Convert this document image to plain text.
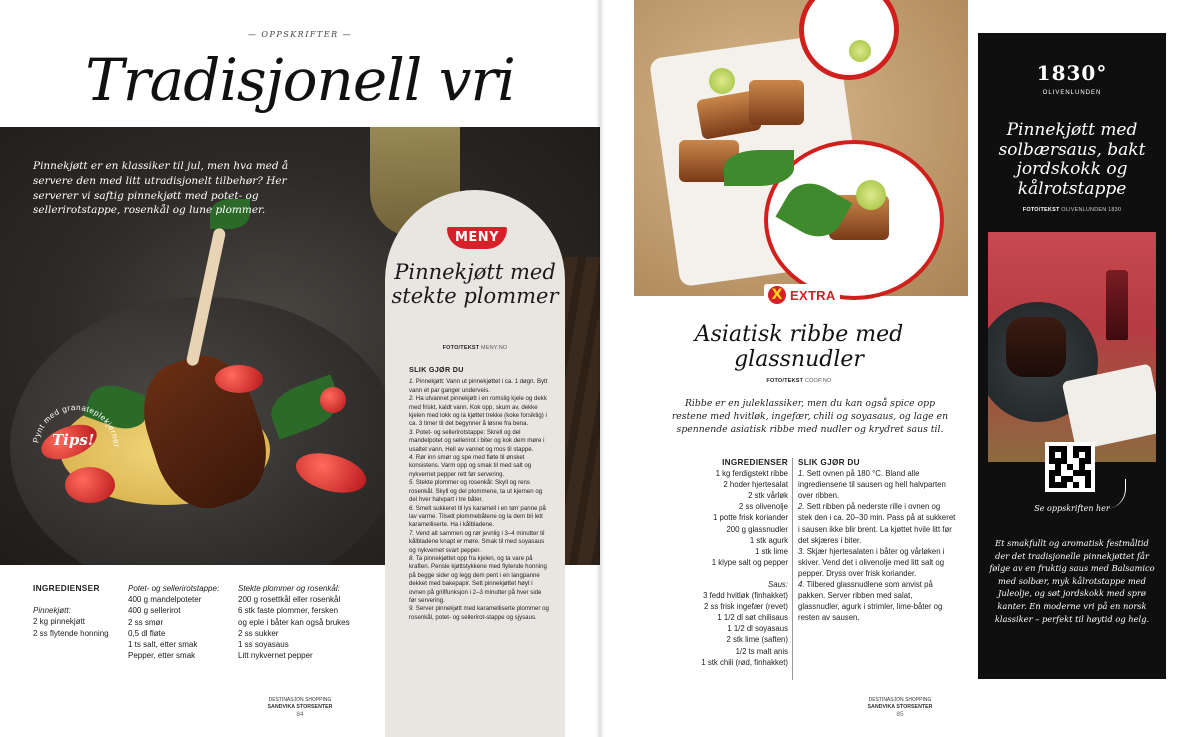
— OPPSKRIFTER —
Tradisjonell vri
Pinnekjøtt er en klassiker til jul, men hva med å servere den med litt utradisjonelt tilbehør? Her serverer vi saftig pinnekjøtt med potet- og sellerirotstappe, rosenkål og lune plommer.
Pynt med granateplekjerner
Tips!
INGREDIENSER
Pinnekjøtt:
2 kg pinnekjøtt
2 ss flytende honning
Potet- og sellerirotstappe:
400 g mandelpoteter
400 g sellerirot
2 ss smør
0,5 dl fløte
1 ts salt, etter smak
Pepper, etter smak
Stekte plommer og rosenkål:
200 g rosettkål eller rosenkål
6 stk faste plommer, fersken
og eple i båter kan også brukes
2 ss sukker
1 ss soyasaus
Litt nykvernet pepper
DESTINASJON SHOPPING
SANDVIKA STORSENTER
84
MENY
Pinnekjøtt med stekte plommer
FOTO/TEKST MENY.NO
SLIK GJØR DU
1. Pinnekjøtt: Vann ut pinnekjøttet i ca. 1 døgn. Bytt vann et par ganger underveis.
2. Ha utvannet pinnekjøtt i en romslig kjele og dekk med friskt, kaldt vann. Kok opp, skum av, dekke kjelen med lokk og la kjøttet trekke (koke forsiktig) i ca. 3 timer til det begynner å løsne fra bena.
3. Potet- og sellerirotstappe: Skrell og del mandelpotet og sellerirot i biter og kok dem møre i usaltet vann. Hell av vannet og mos til stappe.
4. Rør inn smør og spe med fløte til ønsket konsistens. Varm opp og smak til med salt og nykvernet pepper rett før servering.
5. Stekte plommer og rosenkål: Skyll og rens rosenkål. Skyll og del plommene, ta ut kjernen og del hver halvpart i tre båter.
6. Smelt sukkeret til lys karamell i en tørr panne på lav varme. Tilsett plommebåtene og la dem bli lett karamelliserte. Ha i kålbladene.
7. Vend alt sammen og rør jevnlig i 3–4 minutter til kålbladene knapt er møre. Smak til med soyasaus og nykvernet svart pepper.
8. Ta pinnekjøttet opp fra kjelen, og ta vare på kraften. Pensle kjøttstykkene med flytende honning på begge sider og legg dem pent i en langpanne dekket med bakepapir. Sett pinnekjøttet høyt i ovnen på grillfunksjon i 2–3 minutter på hver side før servering.
9. Server pinnekjøtt med karamelliserte plommer og rosenkål, potet- og sellerirot-stappe og sjysaus.
X EXTRA
Asiatisk ribbe med glassnudler
FOTO/TEKST COOP.NO
Ribbe er en juleklassiker, men du kan også spice opp restene med hvitløk, ingefær, chili og soyasaus, og lage en spennende asiatisk ribbe med nudler og krydret saus til.
INGREDIENSER
1 kg ferdigstekt ribbe
2 hoder hjertesalat
2 stk vårløk
2 ss olivenolje
1 potte frisk koriander
200 g glassnudler
1 stk agurk
1 stk lime
1 klype salt og pepper
Saus:
3 fedd hvitløk (finhakket)
2 ss frisk ingefær (revet)
1 1/2 dl søt chilisaus
1 1/2 dl soyasaus
2 stk lime (saften)
1/2 ts malt anis
1 stk chili (rød, finhakket)
SLIK GJØR DU
1. Sett ovnen på 180 °C. Bland alle ingrediensene til sausen og hell halvparten over ribben.
2. Sett ribben på nederste rille i ovnen og stek den i ca. 20–30 min. Pass på at sukkeret i sausen ikke blir brent. La kjøttet hvile litt før det skjæres i biter.
3. Skjær hjertesalaten i båter og vårløken i skiver. Vend det i olivenolje med litt salt og pepper. Dryss over frisk koriander.
4. Tilbered glassnudlene som anvist på pakken. Server ribben med salat, glassnudler, agurk i strimler, lime-båter og resten av sausen.
1830°
OLIVENLUNDEN
Pinnekjøtt med solbærsaus, bakt jordskokk og kålrotstappe
FOTO/TEKST OLIVENLUNDEN 1830
Se oppskriften her
Et smakfullt og aromatisk festmåltid der det tradisjonelle pinnekjøttet får følge av en fruktig saus med Balsamico med solbær, myk kålrotstappe med Juleolje, og søt jordskokk med sprø kanter. En moderne vri på en norsk klassiker – perfekt til høytid og helg.
DESTINASJON SHOPPING
SANDVIKA STORSENTER
85
